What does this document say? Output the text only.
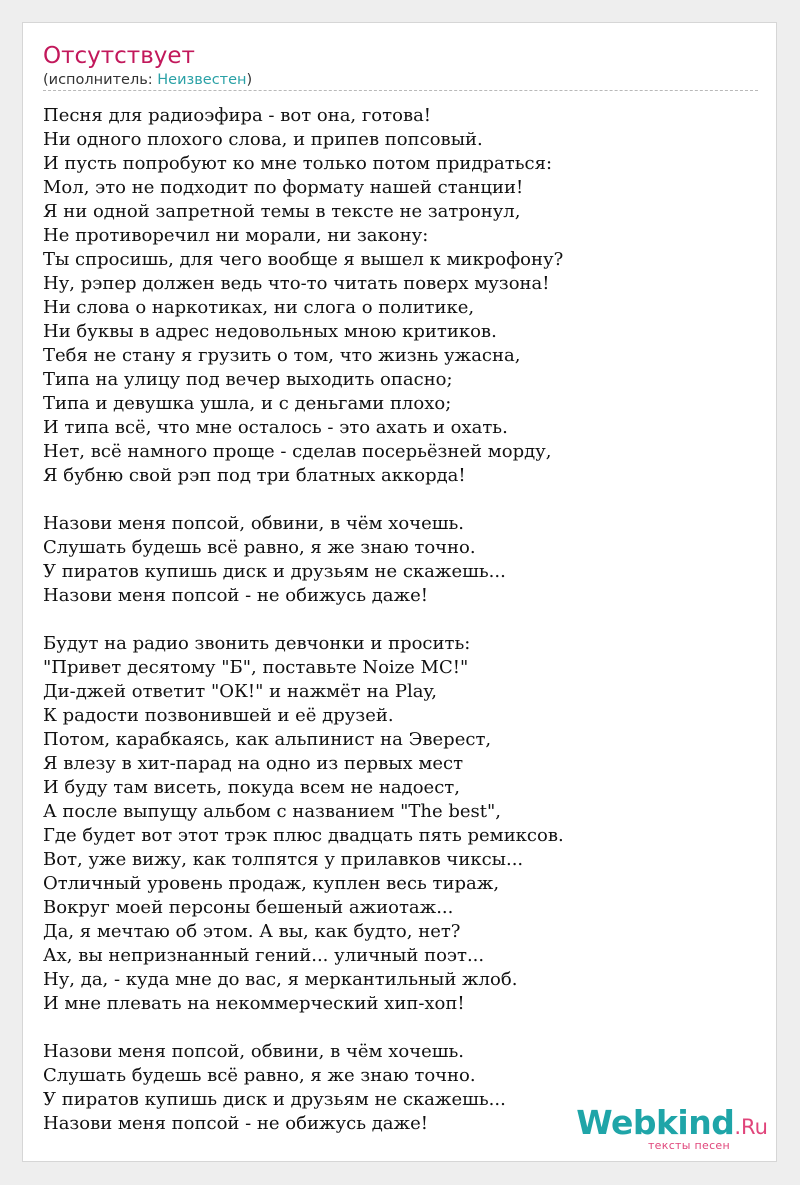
Отсутствует
(исполнитель: Неизвестен)
Песня для радиоэфира - вот она, готова!
Ни одного плохого слова, и припев попсовый.
И пусть попробуют ко мне только потом придраться:
Мол, это не подходит по формату нашей станции!
Я ни одной запретной темы в тексте не затронул,
Не противоречил ни морали, ни закону:
Ты спросишь, для чего вообще я вышел к микрофону?
Ну, рэпер должен ведь что-то читать поверх музона!
Ни слова о наркотиках, ни слога о политике,
Ни буквы в адрес недовольных мною критиков.
Тебя не стану я грузить о том, что жизнь ужасна,
Типа на улицу под вечер выходить опасно;
Типа и девушка ушла, и с деньгами плохо;
И типа всё, что мне осталось - это ахать и охать.
Нет, всё намного проще - сделав посерьёзней морду,
Я бубню свой рэп под три блатных аккорда!
Назови меня попсой, обвини, в чём хочешь.
Слушать будешь всё равно, я же знаю точно.
У пиратов купишь диск и друзьям не скажешь...
Назови меня попсой - не обижусь даже!
Будут на радио звонить девчонки и просить:
"Привет десятому "Б", поставьте Noize MC!"
Ди-джей ответит "ОК!" и нажмёт на Play,
К радости позвонившей и её друзей.
Потом, карабкаясь, как альпинист на Эверест,
Я влезу в хит-парад на одно из первых мест
И буду там висеть, покуда всем не надоест,
А после выпущу альбом с названием "The best",
Где будет вот этот трэк плюс двадцать пять ремиксов.
Вот, уже вижу, как толпятся у прилавков чиксы...
Отличный уровень продаж, куплен весь тираж,
Вокруг моей персоны бешеный ажиотаж...
Да, я мечтаю об этом. А вы, как будто, нет?
Ах, вы непризнанный гений... уличный поэт...
Ну, да, - куда мне до вас, я меркантильный жлоб.
И мне плевать на некоммерческий хип-хоп!
Назови меня попсой, обвини, в чём хочешь.
Слушать будешь всё равно, я же знаю точно.
У пиратов купишь диск и друзьям не скажешь...
Назови меня попсой - не обижусь даже!	Webkind.Ru
тексты песен
